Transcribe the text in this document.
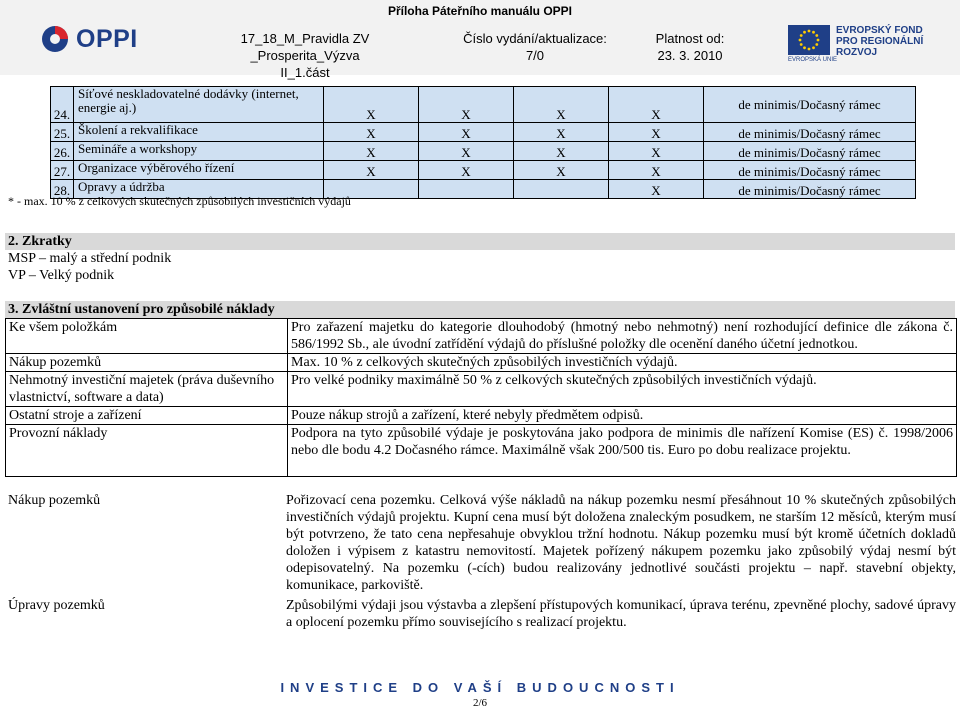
Příloha Páteřního manuálu OPPI
OPPI	17_18_M_Pravidla ZV _Prosperita_Výzva
II_1.část
Číslo vydání/aktualizace:
7/0
Platnost od:
23. 3. 2010	EVROPSKÁ UNIE
EVROPSKÝ FOND
PRO REGIONÁLNÍ
ROZVOJ
24.	Síťové neskladovatelné dodávky (internet, energie aj.)	X	X	X	X	de minimis/Dočasný rámec
25.	Školení a rekvalifikace	X	X	X	X	de minimis/Dočasný rámec
26.	Semináře a workshopy	X	X	X	X	de minimis/Dočasný rámec
27.	Organizace výběrového řízení	X	X	X	X	de minimis/Dočasný rámec
28.	Opravy a údržba				X	de minimis/Dočasný rámec
* - max. 10 % z celkových skutečných způsobilých investičních výdajů
2. Zkratky
MSP – malý a střední podnik
VP – Velký podnik
3. Zvláštní ustanovení pro způsobilé náklady
Ke všem položkám	Pro zařazení majetku do kategorie dlouhodobý (hmotný nebo nehmotný) není rozhodující definice dle zákona č. 586/1992 Sb., ale úvodní zatřídění výdajů do příslušné položky dle ocenění daného účetní jednotkou.
Nákup pozemků	Max. 10 % z celkových skutečných způsobilých investičních výdajů.
Nehmotný investiční majetek (práva duševního vlastnictví, software a data)	Pro velké podniky maximálně 50 % z celkových skutečných způsobilých investičních výdajů.
Ostatní stroje a zařízení	Pouze nákup strojů a zařízení, které nebyly předmětem odpisů.
Provozní náklady	Podpora na tyto způsobilé výdaje je poskytována jako podpora de minimis dle nařízení Komise (ES) č. 1998/2006 nebo dle bodu 4.2 Dočasného rámce. Maximálně však 200/500 tis. Euro po dobu realizace projektu.
Nákup pozemků	Pořizovací cena pozemku. Celková výše nákladů na nákup pozemku nesmí přesáhnout 10 % skutečných způsobilých investičních výdajů projektu. Kupní cena musí být doložena znaleckým posudkem, ne starším 12 měsíců, kterým musí být potvrzeno, že tato cena nepřesahuje obvyklou tržní hodnotu. Nákup pozemku musí být kromě účetních dokladů doložen i výpisem z katastru nemovitostí. Majetek pořízený nákupem pozemku jako způsobilý výdaj nesmí být odepisovatelný. Na pozemku (-cích) budou realizovány jednotlivé součásti projektu – např. stavební objekty, komunikace, parkoviště.
Úpravy pozemků	Způsobilými výdaji jsou výstavba a zlepšení přístupových komunikací, úprava terénu, zpevněné plochy, sadové úpravy a oplocení pozemku přímo souvisejícího s realizací projektu.
INVESTICE DO VAŠÍ BUDOUCNOSTI
2/6
